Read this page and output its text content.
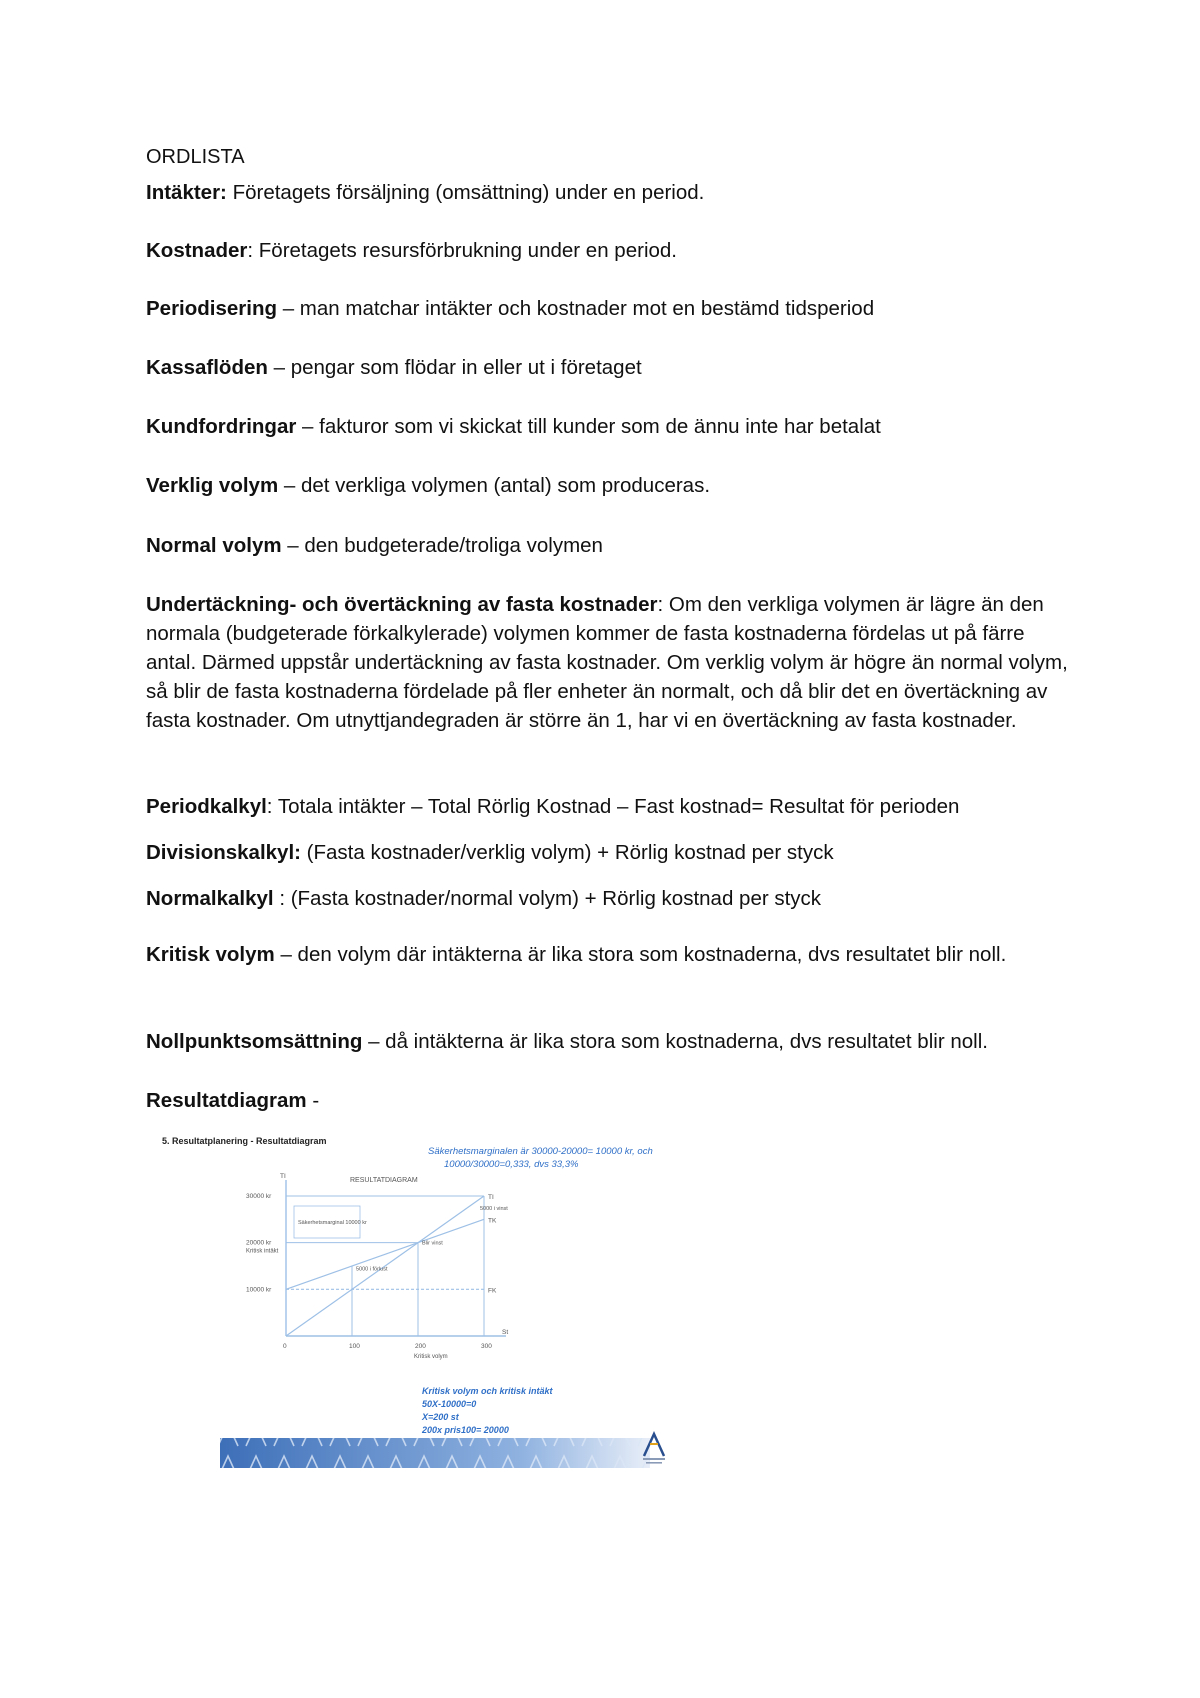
ORDLISTA
Intäkter: Företagets försäljning (omsättning) under en period.
Kostnader: Företagets resursförbrukning under en period.
Periodisering – man matchar intäkter och kostnader mot en bestämd tidsperiod
Kassaflöden – pengar som flödar in eller ut i företaget
Kundfordringar – fakturor som vi skickat till kunder som de ännu inte har betalat
Verklig volym – det verkliga volymen (antal) som produceras.
Normal volym – den budgeterade/troliga volymen
Undertäckning- och övertäckning av fasta kostnader: Om den verkliga volymen är lägre än den normala (budgeterade förkalkylerade) volymen kommer de fasta kostnaderna fördelas ut på färre antal. Därmed uppstår undertäckning av fasta kostnader. Om verklig volym är högre än normal volym, så blir de fasta kostnaderna fördelade på fler enheter än normalt, och då blir det en övertäckning av fasta kostnader. Om utnyttjandegraden är större än 1, har vi en övertäckning av fasta kostnader.
Periodkalkyl: Totala intäkter – Total Rörlig Kostnad – Fast kostnad= Resultat för perioden
Divisionskalkyl: (Fasta kostnader/verklig volym) + Rörlig kostnad per styck
Normalkalkyl : (Fasta kostnader/normal volym) + Rörlig kostnad per styck
Kritisk volym – den volym där intäkterna är lika stora som kostnaderna, dvs resultatet blir noll.
Nollpunktsomsättning – då intäkterna är lika stora som kostnaderna, dvs resultatet blir noll.
Resultatdiagram -
5. Resultatplanering - Resultatdiagram
Säkerhetsmarginalen är 30000-20000= 10000 kr, och
10000/30000=0,333, dvs 33,3%
RESULTATDIAGRAM
TI
TK
FK
TI
10000 kr
20000 kr
30000 kr
0	100	200	300
St
Säkerhetsmarginal 10000 kr
5000 i förlust
Blir vinst
5000 i vinst
Kritisk intäkt
Kritisk volym
Kritisk volym och kritisk intäkt
50X-10000=0
X=200 st
200x pris100= 20000
